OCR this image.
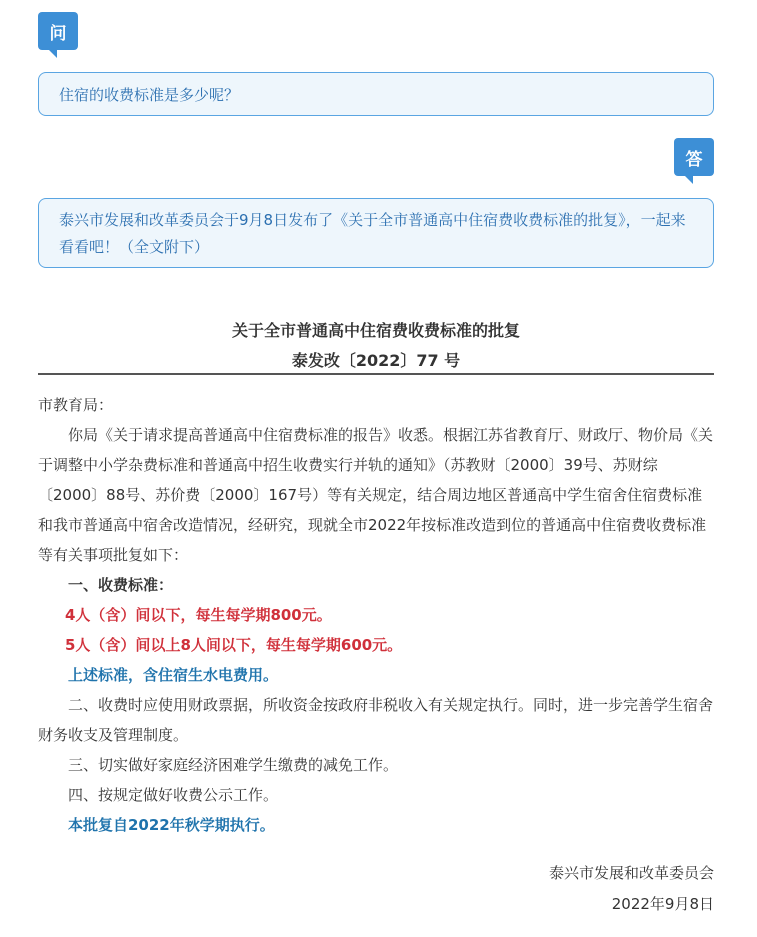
问
住宿的收费标准是多少呢？
答
泰兴市发展和改革委员会于9月8日发布了《关于全市普通高中住宿费收费标准的批复》，一起来看看吧！（全文附下）
关于全市普通高中住宿费收费标准的批复
泰发改〔2022〕77 号

市教育局：

你局《关于请求提高普通高中住宿费标准的报告》收悉。根据江苏省教育厅、财政厅、物价局《关于调整中小学杂费标准和普通高中招生收费实行并轨的通知》（苏教财〔2000〕39号、苏财综〔2000〕88号、苏价费〔2000〕167号）等有关规定，结合周边地区普通高中学生宿舍住宿费标准和我市普通高中宿舍改造情况，经研究，现就全市2022年按标准改造到位的普通高中住宿费收费标准等有关事项批复如下：

一、收费标准：

4人（含）间以下，每生每学期800元。

5人（含）间以上8人间以下，每生每学期600元。

上述标准，含住宿生水电费用。

二、收费时应使用财政票据，所收资金按政府非税收入有关规定执行。同时，进一步完善学生宿舍财务收支及管理制度。

三、切实做好家庭经济困难学生缴费的减免工作。

四、按规定做好收费公示工作。

本批复自2022年秋学期执行。

泰兴市发展和改革委员会
2022年9月8日
